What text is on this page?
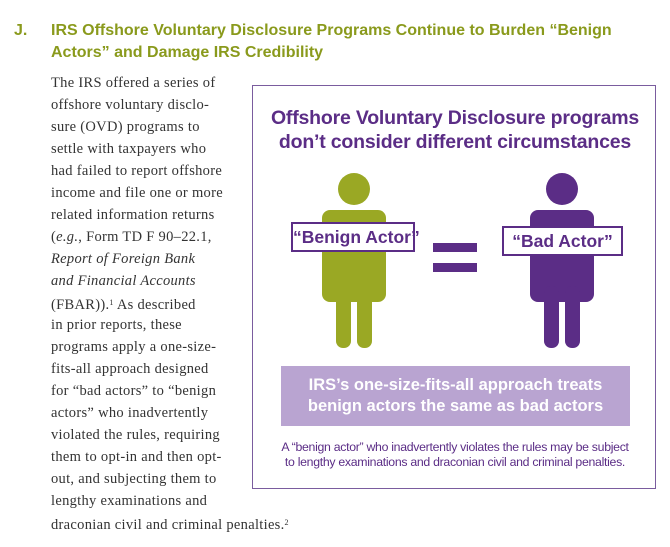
J. IRS Offshore Voluntary Disclosure Programs Continue to Burden “Benign Actors” and Damage IRS Credibility
The IRS offered a series of
offshore voluntary disclo-
sure (OVD) programs to
settle with taxpayers who
had failed to report offshore
income and file one or more
related information returns
(e.g., Form TD F 90–22.1,
Report of Foreign Bank
and Financial Accounts
(FBAR)).$^1$ As described
in prior reports, these
programs apply a one-size-
fits-all approach designed
for “bad actors” to “benign
actors” who inadvertently
violated the rules, requiring
them to opt-in and then opt-
out, and subjecting them to
lengthy examinations and
draconian civil and criminal penalties.$^2$
Offshore Voluntary Disclosure programs
don’t consider different circumstances
“Benign Actor”	“Bad Actor”
IRS’s one-size-fits-all approach treats
benign actors the same as bad actors
A “benign actor” who inadvertently violates the rules may be subject
to lengthy examinations and draconian civil and criminal penalties.
